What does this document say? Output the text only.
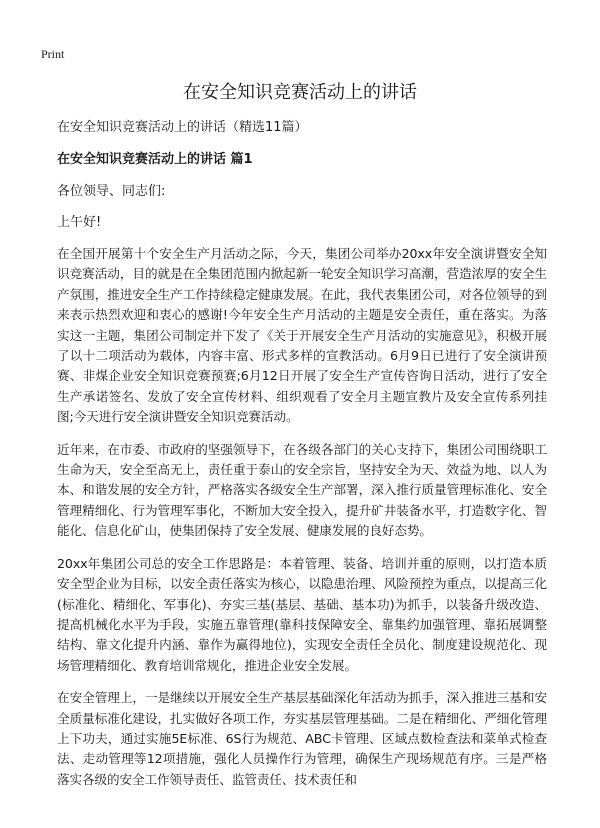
Print
在安全知识竞赛活动上的讲话

在安全知识竞赛活动上的讲话（精选11篇）

在安全知识竞赛活动上的讲话 篇1

各位领导、同志们:

上午好!

在全国开展第十个安全生产月活动之际，今天，集团公司举办20xx年安全演讲暨安全知识竞赛活动，目的就是在全集团范围内掀起新一轮安全知识学习高潮，营造浓厚的安全生产氛围，推进安全生产工作持续稳定健康发展。在此，我代表集团公司，对各位领导的到来表示热烈欢迎和衷心的感谢!今年安全生产月活动的主题是安全责任，重在落实。为落实这一主题，集团公司制定并下发了《关于开展安全生产月活动的实施意见》，积极开展了以十二项活动为载体，内容丰富、形式多样的宣教活动。6月9日已进行了安全演讲预赛、非煤企业安全知识竞赛预赛;6月12日开展了安全生产宣传咨询日活动，进行了安全生产承诺签名、发放了安全宣传材料、组织观看了安全月主题宣教片及安全宣传系列挂图;今天进行安全演讲暨安全知识竞赛活动。

近年来，在市委、市政府的坚强领导下，在各级各部门的关心支持下，集团公司围绕职工生命为天，安全至高无上，责任重于泰山的安全宗旨，坚持安全为天、效益为地、以人为本、和谐发展的安全方针，严格落实各级安全生产部署，深入推行质量管理标准化、安全管理精细化、行为管理军事化，不断加大安全投入，提升矿井装备水平，打造数字化、智能化、信息化矿山，使集团保持了安全发展、健康发展的良好态势。

20xx年集团公司总的安全工作思路是：本着管理、装备、培训并重的原则，以打造本质安全型企业为目标，以安全责任落实为核心，以隐患治理、风险预控为重点，以提高三化(标准化、精细化、军事化)、夯实三基(基层、基础、基本功)为抓手，以装备升级改造、提高机械化水平为手段，实施五靠管理(靠科技保障安全、靠集约加强管理、靠拓展调整结构、靠文化提升内涵、靠作为赢得地位)，实现安全责任全员化、制度建设规范化、现场管理精细化、教育培训常规化，推进企业安全发展。

在安全管理上，一是继续以开展安全生产基层基础深化年活动为抓手，深入推进三基和安全质量标准化建设，扎实做好各项工作，夯实基层管理基础。二是在精细化、严细化管理上下功夫，通过实施5E标准、6S行为规范、ABC卡管理、区域点数检查法和菜单式检查法、走动管理等12项措施，强化人员操作行为管理，确保生产现场规范有序。三是严格落实各级的安全工作领导责任、监管责任、技术责任和
